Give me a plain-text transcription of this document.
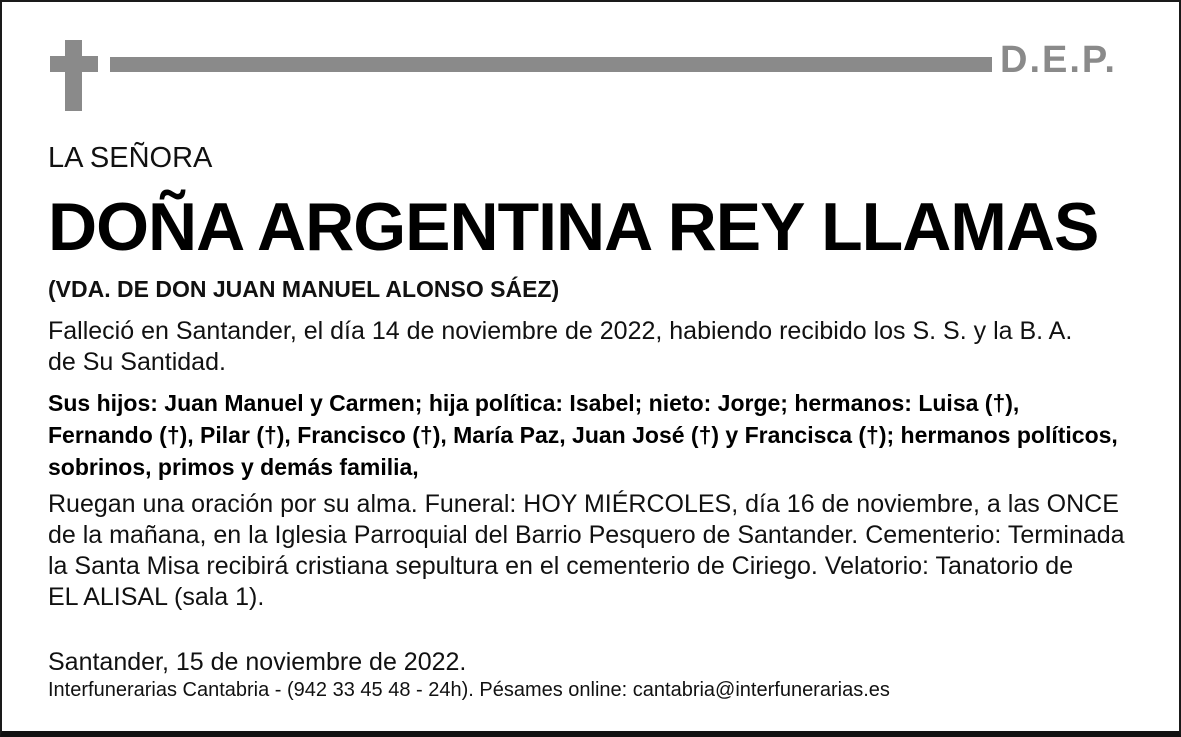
D.E.P.
LA SEÑORA
DOÑA ARGENTINA REY LLAMAS
(VDA. DE DON JUAN MANUEL ALONSO SÁEZ)
Falleció en Santander, el día 14 de noviembre de 2022, habiendo recibido los S. S. y la B. A.
de Su Santidad.
Sus hijos: Juan Manuel y Carmen; hija política: Isabel; nieto: Jorge; hermanos: Luisa (†),
Fernando (†), Pilar (†), Francisco (†), María Paz, Juan José (†) y Francisca (†); hermanos políticos,
sobrinos, primos y demás familia,
Ruegan una oración por su alma. Funeral: HOY MIÉRCOLES, día 16 de noviembre, a las ONCE
de la mañana, en la Iglesia Parroquial del Barrio Pesquero de Santander. Cementerio: Terminada
la Santa Misa recibirá cristiana sepultura en el cementerio de Ciriego. Velatorio: Tanatorio de
EL ALISAL (sala 1).
Santander, 15 de noviembre de 2022.
Interfunerarias Cantabria - (942 33 45 48 - 24h). Pésames online: cantabria@interfunerarias.es
